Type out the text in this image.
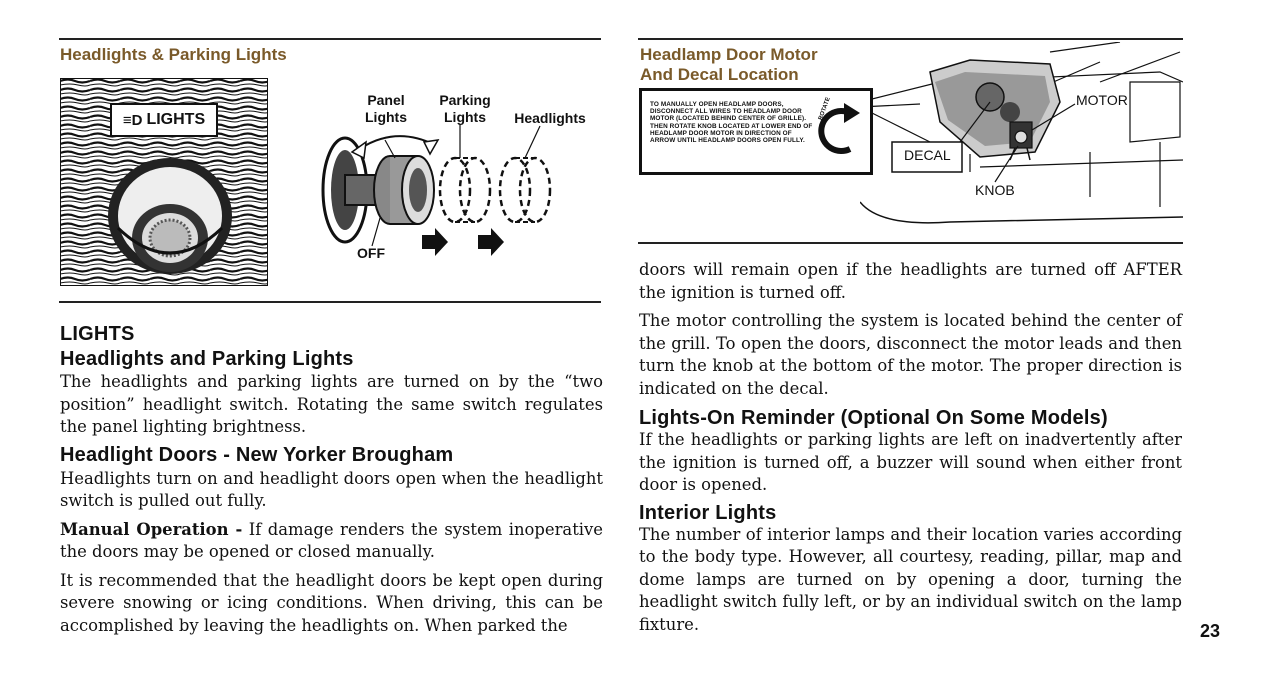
Headlights & Parking Lights
≡D LIGHTS
Panel
Lights
Parking
Lights	Headlights
OFF
LIGHTS
Headlights and Parking Lights

The headlights and parking lights are turned on by the “two position” headlight switch. Rotating the same switch regulates the panel lighting brightness.

Headlight Doors - New Yorker Brougham

Headlights turn on and headlight doors open when the headlight switch is pulled out fully.

Manual Operation - If damage renders the system inoperative the doors may be opened or closed manually.

It is recommended that the headlight doors be kept open during severe snowing or icing conditions. When driving, this can be accomplished by leaving the headlights on. When parked the

Headlamp Door Motor
And Decal Location
DECAL
MOTOR
KNOB
TO MANUALLY OPEN HEADLAMP DOORS, DISCONNECT ALL WIRES TO HEADLAMP DOOR MOTOR (LOCATED BEHIND CENTER OF GRILLE). THEN ROTATE KNOB LOCATED AT LOWER END OF HEADLAMP DOOR MOTOR IN DIRECTION OF ARROW UNTIL HEADLAMP DOORS OPEN FULLY.
ROTATE

doors will remain open if the headlights are turned off AFTER the ignition is turned off.

The motor controlling the system is located behind the center of the grill. To open the doors, disconnect the motor leads and then turn the knob at the bottom of the motor. The proper direction is indicated on the decal.

Lights-On Reminder (Optional On Some Models)

If the headlights or parking lights are left on inadvertently after the ignition is turned off, a buzzer will sound when either front door is opened.

Interior Lights

The number of interior lamps and their location varies according to the body type. However, all courtesy, reading, pillar, map and dome lamps are turned on by opening a door, turning the headlight switch fully left, or by an individual switch on the lamp fixture.	23
